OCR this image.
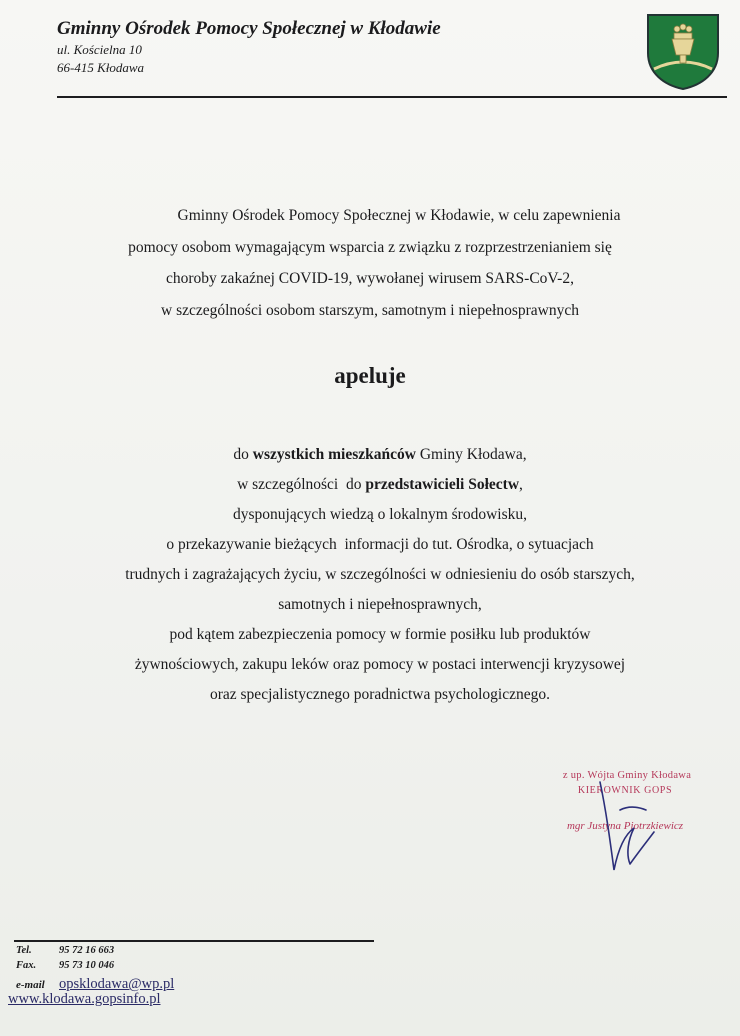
Gminny Ośrodek Pomocy Społecznej w Kłodawie
ul. Kościelna 10
66-415 Kłodawa
Gminny Ośrodek Pomocy Społecznej w Kłodawie, w celu zapewnienia
pomocy osobom wymagającym wsparcia z związku z rozprzestrzenianiem się
choroby zakaźnej COVID-19, wywołanej wirusem SARS-CoV-2,
w szczególności osobom starszym, samotnym i niepełnosprawnych
apeluje
do wszystkich mieszkańców Gminy Kłodawa,
w szczególności  do przedstawicieli Sołectw,
dysponujących wiedzą o lokalnym środowisku,
o przekazywanie bieżących  informacji do tut. Ośrodka, o sytuacjach
trudnych i zagrażających życiu, w szczególności w odniesieniu do osób starszych,
samotnych i niepełnosprawnych,
pod kątem zabezpieczenia pomocy w formie posiłku lub produktów
żywnościowych, zakupu leków oraz pomocy w postaci interwencji kryzysowej
oraz specjalistycznego poradnictwa psychologicznego.
z up. Wójta Gminy Kłodawa
KIEROWNIK GOPS
mgr Justyna Piotrzkiewicz
Tel.	95 72 16 663
Fax. 95 73 10 046
e-mail opsklodawa@wp.pl
www.klodawa.gopsinfo.pl
